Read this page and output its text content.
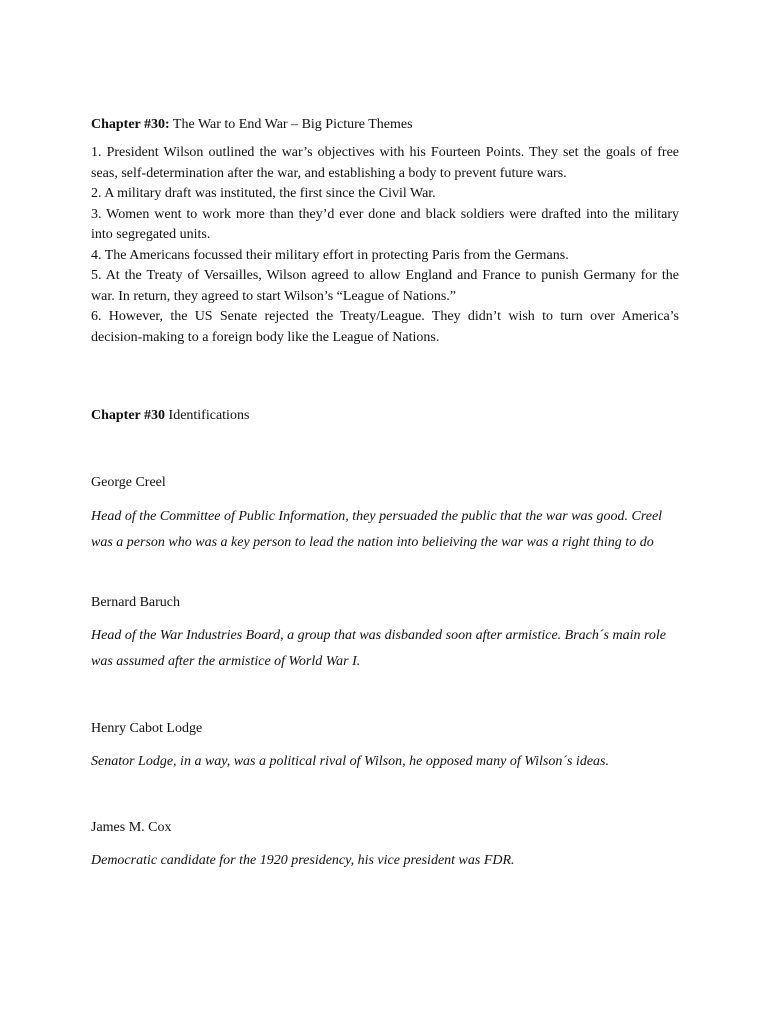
Chapter #30: The War to End War – Big Picture Themes

1. President Wilson outlined the war’s objectives with his Fourteen Points. They set the goals of free seas, self-determination after the war, and establishing a body to prevent future wars.

2. A military draft was instituted, the first since the Civil War.

3. Women went to work more than they’d ever done and black soldiers were drafted into the military into segregated units.

4. The Americans focussed their military effort in protecting Paris from the Germans.

5. At the Treaty of Versailles, Wilson agreed to allow England and France to punish Germany for the war. In return, they agreed to start Wilson’s “League of Nations.”

6. However, the US Senate rejected the Treaty/League. They didn’t wish to turn over America’s decision-making to a foreign body like the League of Nations.

Chapter #30 Identifications
George Creel

Head of the Committee of Public Information, they persuaded the public that the war was good. Creel was a person who was a key person to lead the nation into belieiving the war was a right thing to do

Bernard Baruch

Head of the War Industries Board, a group that was disbanded soon after armistice. Brach´s main role was assumed after the armistice of World War I.

Henry Cabot Lodge

Senator Lodge, in a way, was a political rival of Wilson, he opposed many of Wilson´s ideas.

James M. Cox

Democratic candidate for the 1920 presidency, his vice president was FDR.
